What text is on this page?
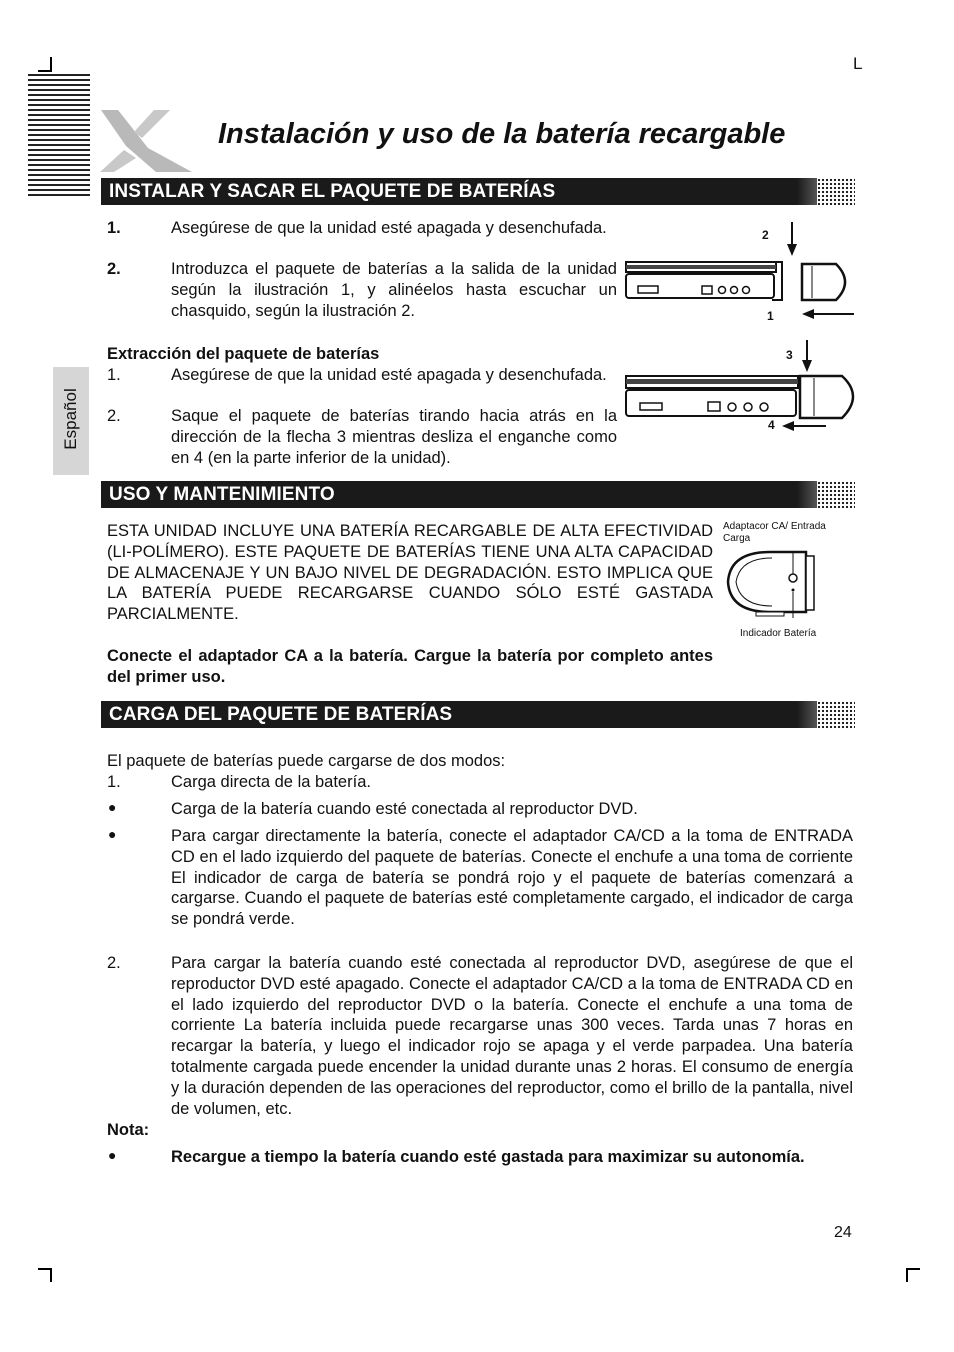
L
Instalación y uso de la batería recargable
Español
INSTALAR Y SACAR EL PAQUETE DE BATERÍAS
1.	Asegúrese de que la unidad esté apagada y desenchufada.
2.	Introduzca el paquete de baterías a la salida de la unidad según la ilustración 1, y alinéelos hasta escuchar un chasquido, según la ilustración 2.
Extracción del paquete de baterías
1.	Asegúrese de que la unidad esté apagada y desenchufada.
2.	Saque el paquete de baterías tirando hacia atrás en la dirección de la flecha 3 mientras desliza el enganche como en 4 (en la parte inferior de la unidad).
2
1
3
4
USO Y MANTENIMIENTO
ESTA UNIDAD INCLUYE UNA BATERÍA RECARGABLE DE ALTA EFECTIVIDAD (LI-POLÍMERO). ESTE PAQUETE DE BATERÍAS TIENE UNA ALTA CAPACIDAD DE ALMACENAJE Y UN BAJO NIVEL DE DEGRADACIÓN. ESTO IMPLICA QUE LA BATERÍA PUEDE RECARGARSE CUANDO SÓLO ESTÉ GASTADA PARCIALMENTE.
Conecte el adaptador CA a la batería. Cargue la batería por completo antes del primer uso.
Adaptacor CA/ Entrada Carga
Indicador Batería
CARGA DEL PAQUETE DE BATERÍAS
El paquete de baterías puede cargarse de dos modos:
1.	Carga directa de la batería.
●	Carga de la batería cuando esté conectada al reproductor DVD.
●	Para cargar directamente la batería, conecte el adaptador CA/CD a la toma de ENTRADA CD en el lado izquierdo del paquete de baterías. Conecte el enchufe a una toma de corriente El indicador de carga de batería se pondrá rojo y el paquete de baterías comenzará a cargarse. Cuando el paquete de baterías esté completamente cargado, el indicador de carga se pondrá verde.
2.	Para cargar la batería cuando esté conectada al reproductor DVD, asegúrese de que el reproductor DVD esté apagado. Conecte el adaptador CA/CD a la toma de ENTRADA CD en el lado izquierdo del reproductor DVD o la batería. Conecte el enchufe a una toma de corriente La batería incluida puede recargarse unas 300 veces. Tarda unas 7 horas en recargar la batería, y luego el indicador rojo se apaga y el verde parpadea. Una batería totalmente cargada puede encender la unidad durante unas 2 horas. El consumo de energía y la duración dependen de las operaciones del reproductor, como el brillo de la pantalla, nivel de volumen, etc.
Nota:
●	Recargue a tiempo la batería cuando esté gastada para maximizar su autonomía.
24
